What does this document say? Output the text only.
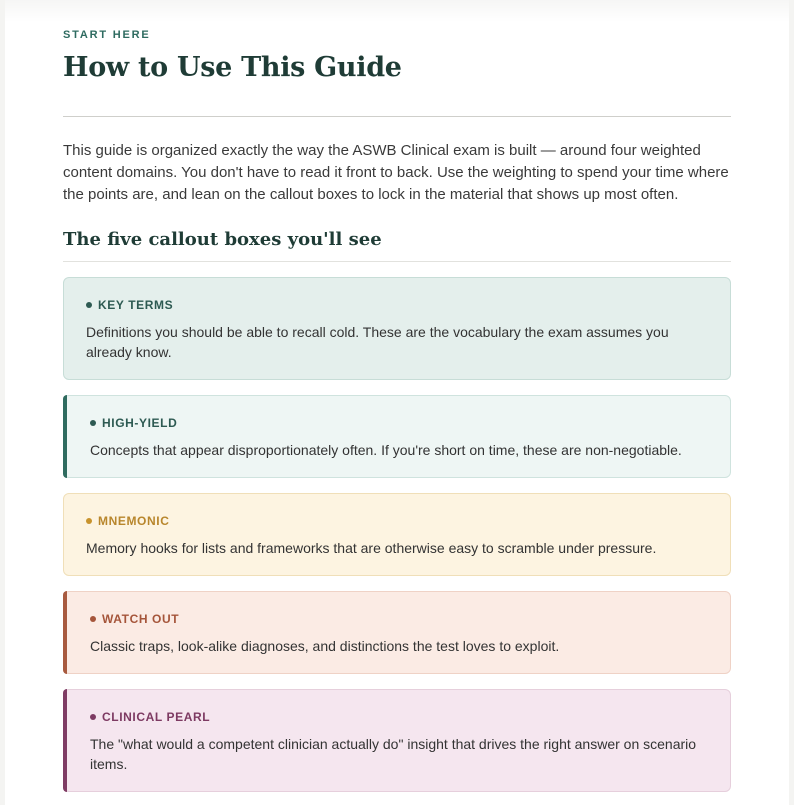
START HERE
How to Use This Guide

This guide is organized exactly the way the ASWB Clinical exam is built — around four weighted content domains. You don't have to read it front to back. Use the weighting to spend your time where the points are, and lean on the callout boxes to lock in the material that shows up most often.

The five callout boxes you'll see
KEY TERMS
Definitions you should be able to recall cold. These are the vocabulary the exam assumes you already know.
HIGH-YIELD
Concepts that appear disproportionately often. If you're short on time, these are non-negotiable.
MNEMONIC
Memory hooks for lists and frameworks that are otherwise easy to scramble under pressure.
WATCH OUT
Classic traps, look-alike diagnoses, and distinctions the test loves to exploit.
CLINICAL PEARL
The "what would a competent clinician actually do" insight that drives the right answer on scenario items.
